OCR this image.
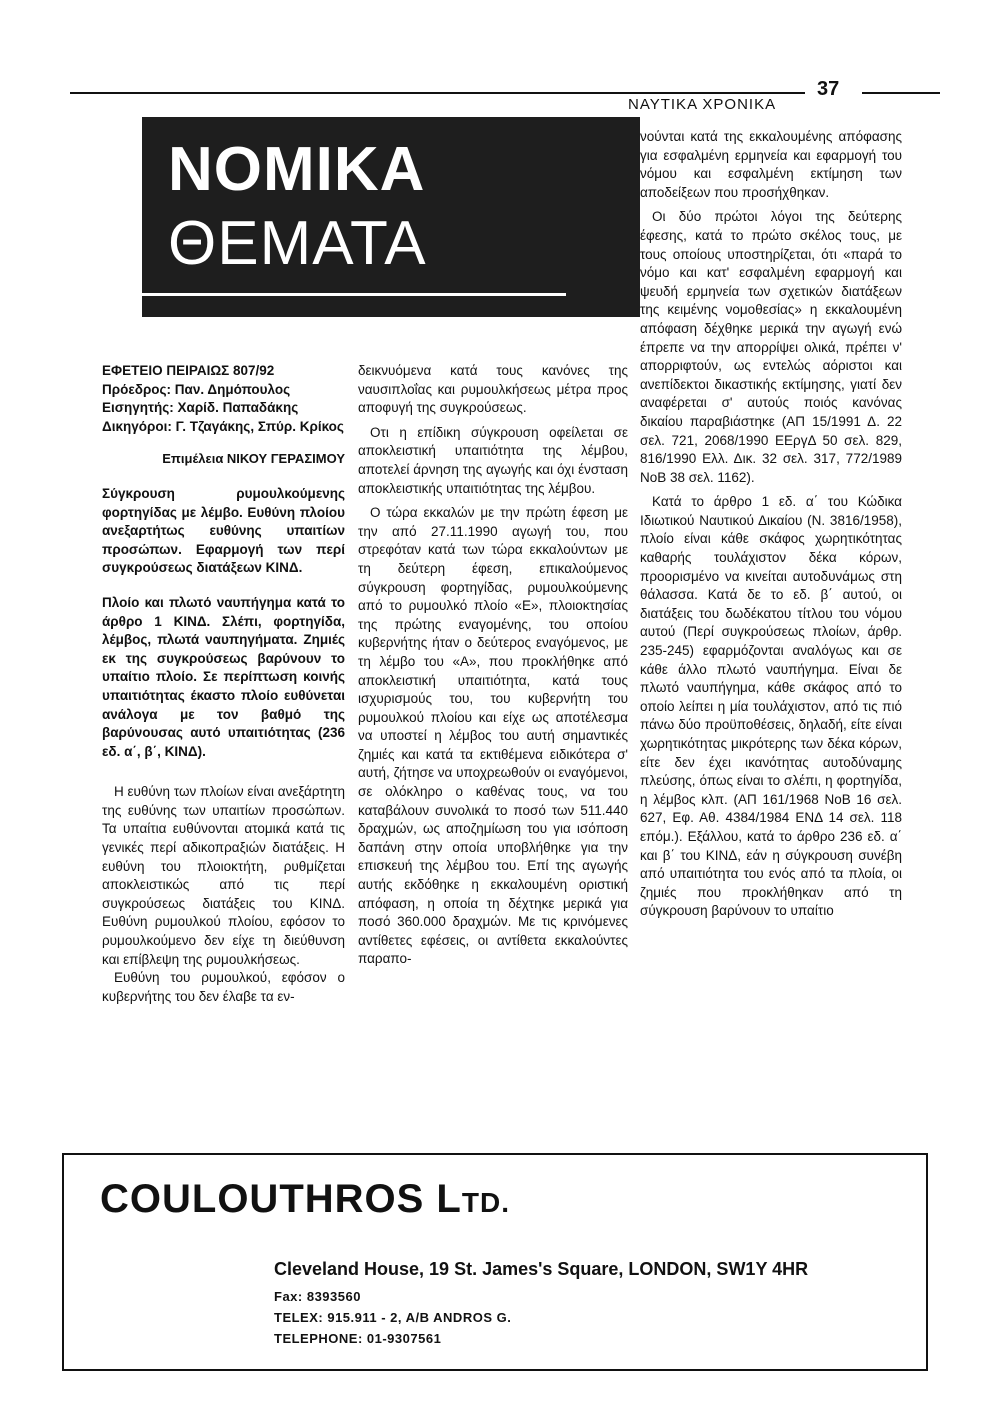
ΝΑΥΤΙΚΑ ΧΡΟΝΙΚΑ
37
ΝΟΜΙΚΑ
ΘΕΜΑΤΑ
ΕΦΕΤΕΙΟ ΠΕΙΡΑΙΩΣ 807/92
Πρόεδρος: Παν. Δημόπουλος
Εισηγητής: Χαρίδ. Παπαδάκης
Δικηγόροι: Γ. Τζαγάκης, Σπύρ. Κρίκος

Επιμέλεια ΝΙΚΟΥ ΓΕΡΑΣΙΜΟΥ

Σύγκρουση ρυμουλκούμενης φορτηγίδας με λέμβο. Ευθύνη πλοίου ανεξαρτήτως ευθύνης υπαιτίων προσώπων. Εφαρμογή των περί συγκρούσεως διατάξεων ΚΙΝΔ.

Πλοίο και πλωτό ναυπήγημα κατά το άρθρο 1 ΚΙΝΔ. Σλέπι, φορτηγίδα, λέμβος, πλωτά ναυπηγήματα. Ζημιές εκ της συγκρούσεως βαρύνουν το υπαίτιο πλοίο. Σε περίπτωση κοινής υπαιτιότητας έκαστο πλοίο ευθύνεται ανάλογα με τον βαθμό της βαρύνουσας αυτό υπαιτιότητας (236 εδ. α΄, β΄, ΚΙΝΔ).

Η ευθύνη των πλοίων είναι ανεξάρτητη της ευθύνης των υπαιτίων προσώπων. Τα υπαίτια ευθύνονται ατομικά κατά τις γενικές περί αδικοπραξιών διατάξεις. Η ευθύνη του πλοιοκτήτη, ρυθμίζεται αποκλειστικώς από τις περί συγκρούσεως διατάξεις του ΚΙΝΔ. Ευθύνη ρυμουλκού πλοίου, εφόσον το ρυμουλκούμενο δεν είχε τη διεύθυνση και επίβλεψη της ρυμουλκήσεως.

Ευθύνη του ρυμουλκού, εφόσον ο κυβερνήτης του δεν έλαβε τα εν-

δεικνυόμενα κατά τους κανόνες της ναυσιπλοΐας και ρυμουλκήσεως μέτρα προς αποφυγή της συγκρούσεως.

Οτι η επίδικη σύγκρουση οφείλεται σε αποκλειστική υπαιτιότητα της λέμβου, αποτελεί άρνηση της αγωγής και όχι ένσταση αποκλειστικής υπαιτιότητας της λέμβου.

Ο τώρα εκκαλών με την πρώτη έφεση με την από 27.11.1990 αγωγή του, που στρεφόταν κατά των τώρα εκκαλούντων με τη δεύτερη έφεση, επικαλούμενος σύγκρουση φορτηγίδας, ρυμουλκούμενης από το ρυμουλκό πλοίο «Ε», πλοιοκτησίας της πρώτης εναγομένης, του οποίου κυβερνήτης ήταν ο δεύτερος εναγόμενος, με τη λέμβο του «Α», που προκλήθηκε από αποκλειστική υπαιτιότητα, κατά τους ισχυρισμούς του, του κυβερνήτη του ρυμουλκού πλοίου και είχε ως αποτέλεσμα να υποστεί η λέμβος του αυτή σημαντικές ζημιές και κατά τα εκτιθέμενα ειδικότερα σ' αυτή, ζήτησε να υποχρεωθούν οι εναγόμενοι, σε ολόκληρο ο καθένας τους, να του καταβάλουν συνολικά το ποσό των 511.440 δραχμών, ως αποζημίωση του για ισόποση δαπάνη στην οποία υποβλήθηκε για την επισκευή της λέμβου του. Επί της αγωγής αυτής εκδόθηκε η εκκαλουμένη οριστική απόφαση, η οποία τη δέχτηκε μερικά για ποσό 360.000 δραχμών. Με τις κρινόμενες αντίθετες εφέσεις, οι αντίθετα εκκαλούντες παραπο-

νούνται κατά της εκκαλουμένης απόφασης για εσφαλμένη ερμηνεία και εφαρμογή του νόμου και εσφαλμένη εκτίμηση των αποδείξεων που προσήχθηκαν.

Οι δύο πρώτοι λόγοι της δεύτερης έφεσης, κατά το πρώτο σκέλος τους, με τους οποίους υποστηρίζεται, ότι «παρά το νόμο και κατ' εσφαλμένη εφαρμογή και ψευδή ερμηνεία των σχετικών διατάξεων της κειμένης νομοθεσίας» η εκκαλουμένη απόφαση δέχθηκε μερικά την αγωγή ενώ έπρεπε να την απορρίψει ολικά, πρέπει ν' απορριφτούν, ως εντελώς αόριστοι και ανεπίδεκτοι δικαστικής εκτίμησης, γιατί δεν αναφέρεται σ' αυτούς ποιός κανόνας δικαίου παραβιάστηκε (ΑΠ 15/1991 Δ. 22 σελ. 721, 2068/1990 ΕΕργΔ 50 σελ. 829, 816/1990 Ελλ. Δικ. 32 σελ. 317, 772/1989 ΝοΒ 38 σελ. 1162).

Κατά το άρθρο 1 εδ. α΄ του Κώδικα Ιδιωτικού Ναυτικού Δικαίου (Ν. 3816/1958), πλοίο είναι κάθε σκάφος χωρητικότητας καθαρής τουλάχιστον δέκα κόρων, προορισμένο να κινείται αυτοδυνάμως στη θάλασσα. Κατά δε το εδ. β΄ αυτού, οι διατάξεις του δωδέκατου τίτλου του νόμου αυτού (Περί συγκρούσεως πλοίων, άρθρ. 235-245) εφαρμόζονται αναλόγως και σε κάθε άλλο πλωτό ναυπήγημα. Είναι δε πλωτό ναυπήγημα, κάθε σκάφος από το οποίο λείπει η μία τουλάχιστον, από τις πιό πάνω δύο προϋποθέσεις, δηλαδή, είτε είναι χωρητικότητας μικρότερης των δέκα κόρων, είτε δεν έχει ικανότητας αυτοδύναμης πλεύσης, όπως είναι το σλέπι, η φορτηγίδα, η λέμβος κλπ. (ΑΠ 161/1968 ΝοΒ 16 σελ. 627, Εφ. Αθ. 4384/1984 ΕΝΔ 14 σελ. 118 επόμ.). Εξάλλου, κατά το άρθρο 236 εδ. α΄ και β΄ του ΚΙΝΔ, εάν η σύγκρουση συνέβη από υπαιτιότητα του ενός από τα πλοία, οι ζημιές που προκλήθηκαν από τη σύγκρουση βαρύνουν το υπαίτιο

COULOUTHROS LTD.
Cleveland House, 19 St. James's Square, LONDON, SW1Y 4HR
Fax: 8393560
TELEX: 915.911 - 2, A/B ANDROS G.
TELEPHONE: 01-9307561
